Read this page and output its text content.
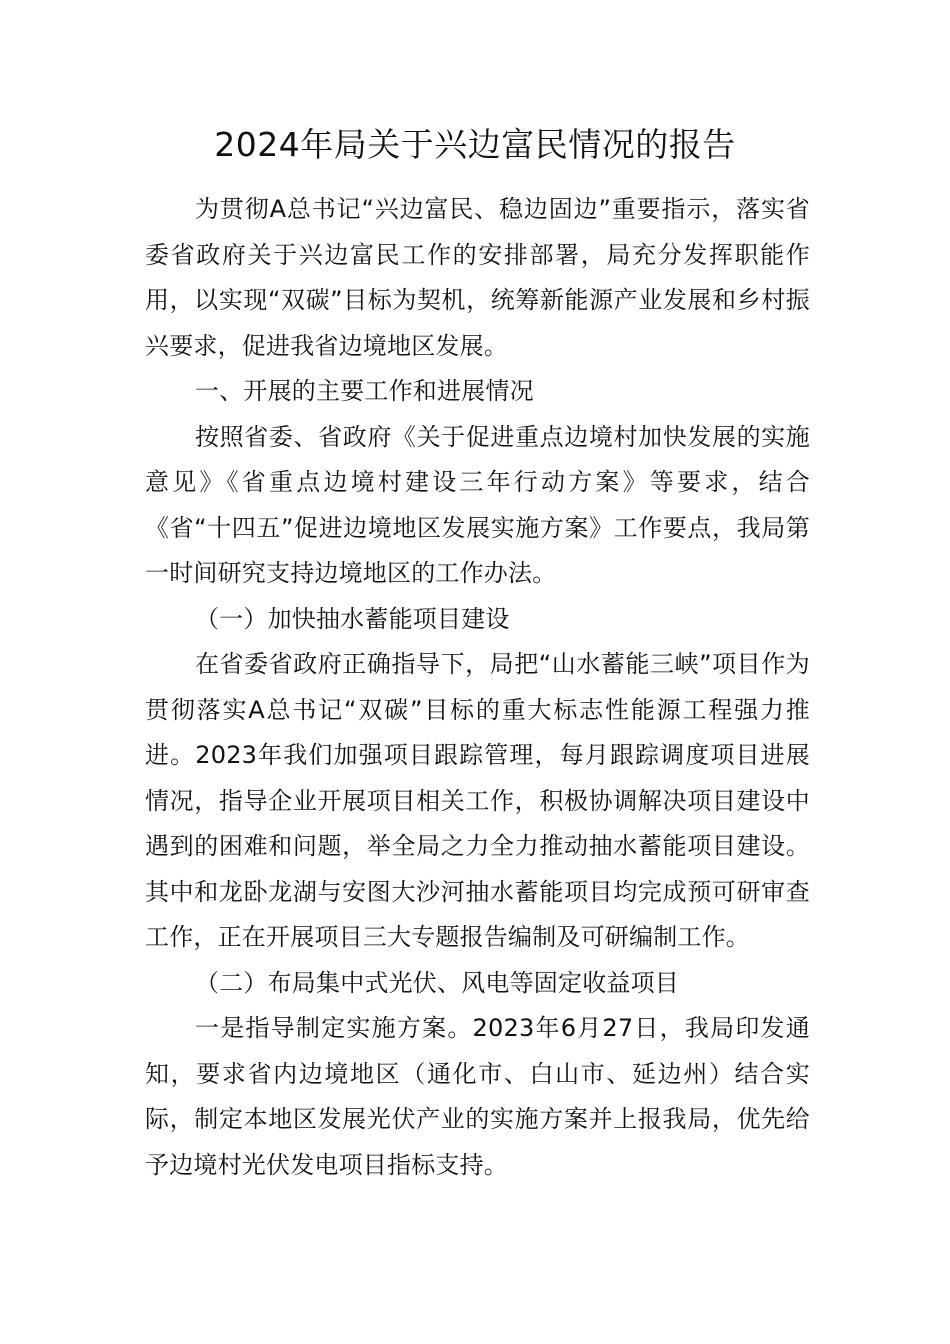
2024年局关于兴边富民情况的报告

为贯彻A总书记“兴边富民、稳边固边”重要指示，落实省委省政府关于兴边富民工作的安排部署，局充分发挥职能作用，以实现“双碳”目标为契机，统筹新能源产业发展和乡村振兴要求，促进我省边境地区发展。

一、开展的主要工作和进展情况

按照省委、省政府《关于促进重点边境村加快发展的实施意见》《省重点边境村建设三年行动方案》等要求，结合《省“十四五”促进边境地区发展实施方案》工作要点，我局第一时间研究支持边境地区的工作办法。

（一）加快抽水蓄能项目建设

在省委省政府正确指导下，局把“山水蓄能三峡”项目作为贯彻落实A总书记“双碳”目标的重大标志性能源工程强力推进。2023年我们加强项目跟踪管理，每月跟踪调度项目进展情况，指导企业开展项目相关工作，积极协调解决项目建设中遇到的困难和问题，举全局之力全力推动抽水蓄能项目建设。其中和龙卧龙湖与安图大沙河抽水蓄能项目均完成预可研审查工作，正在开展项目三大专题报告编制及可研编制工作。

（二）布局集中式光伏、风电等固定收益项目

一是指导制定实施方案。2023年6月27日，我局印发通知，要求省内边境地区（通化市、白山市、延边州）结合实际，制定本地区发展光伏产业的实施方案并上报我局，优先给予边境村光伏发电项目指标支持。
